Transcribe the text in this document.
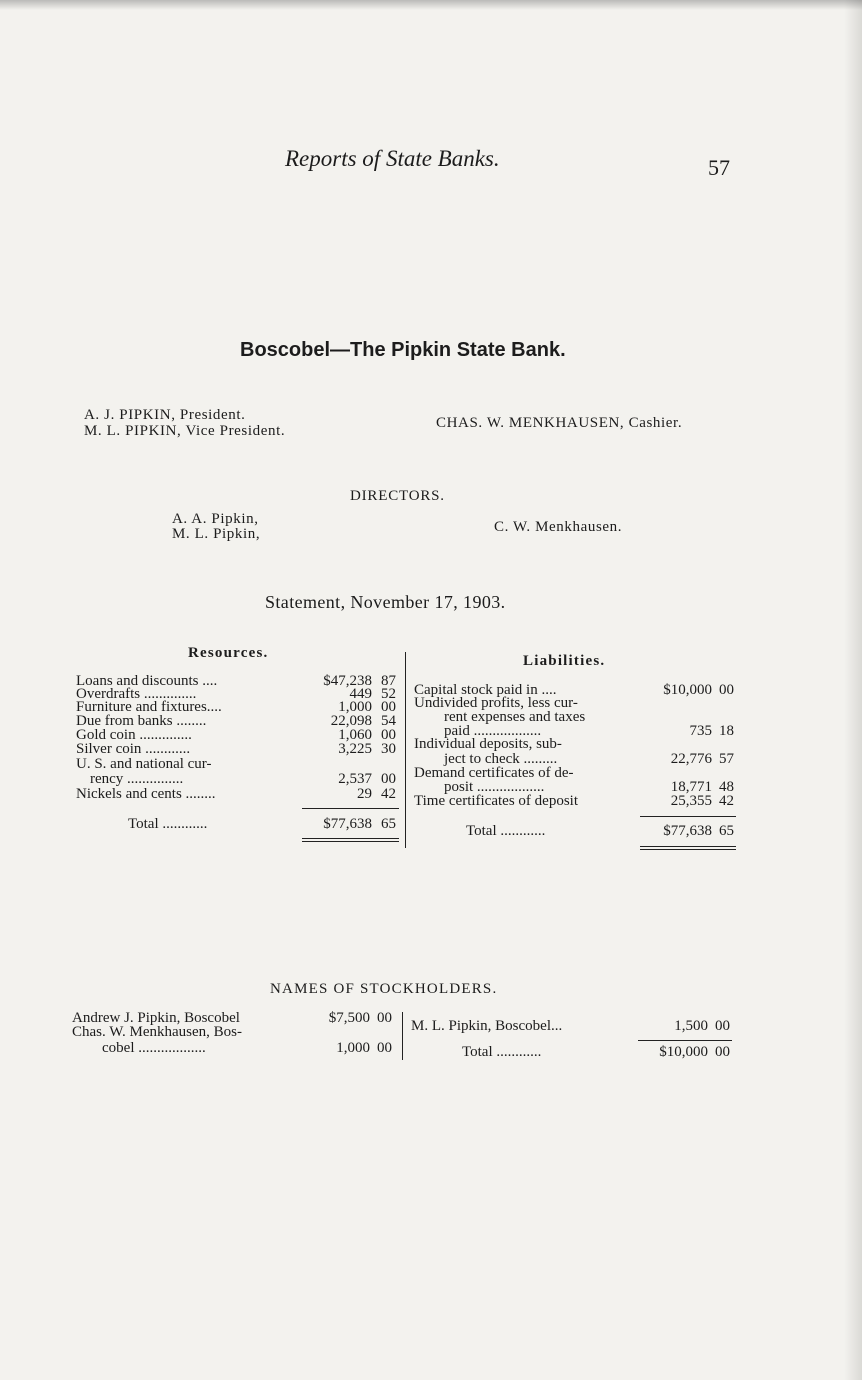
Reports of State Banks.	57
Boscobel—The Pipkin State Bank.
A. J. PIPKIN, President.
M. L. PIPKIN, Vice President.	CHAS. W. MENKHAUSEN, Cashier.
DIRECTORS.
A. A. Pipkin,
M. L. Pipkin,	C. W. Menkhausen.
Statement, November 17, 1903.
Resources.	Liabilities.
Loans and discounts ....	$47,238 87
Overdrafts ..............	449 52
Furniture and fixtures....	1,000 00
Due from banks ........	22,098 54
Gold coin ..............	1,060 00
Silver coin ............	3,225 30
U. S. and national cur-
rency ...............	2,537 00
Nickels and cents ........	29 42
Total ............	$77,638 65
Capital stock paid in ....	$10,000 00
Undivided profits, less cur-
rent expenses and taxes
paid ..................	735 18
Individual deposits, sub-
ject to check .........	22,776 57
Demand certificates of de-
posit ..................	18,771 48
Time certificates of deposit	25,355 42
Total ............	$77,638 65
NAMES OF STOCKHOLDERS.
Andrew J. Pipkin, Boscobel	$7,500 00
Chas. W. Menkhausen, Bos-
cobel ..................	1,000 00
M. L. Pipkin, Boscobel...	1,500 00
Total ............	$10,000 00
